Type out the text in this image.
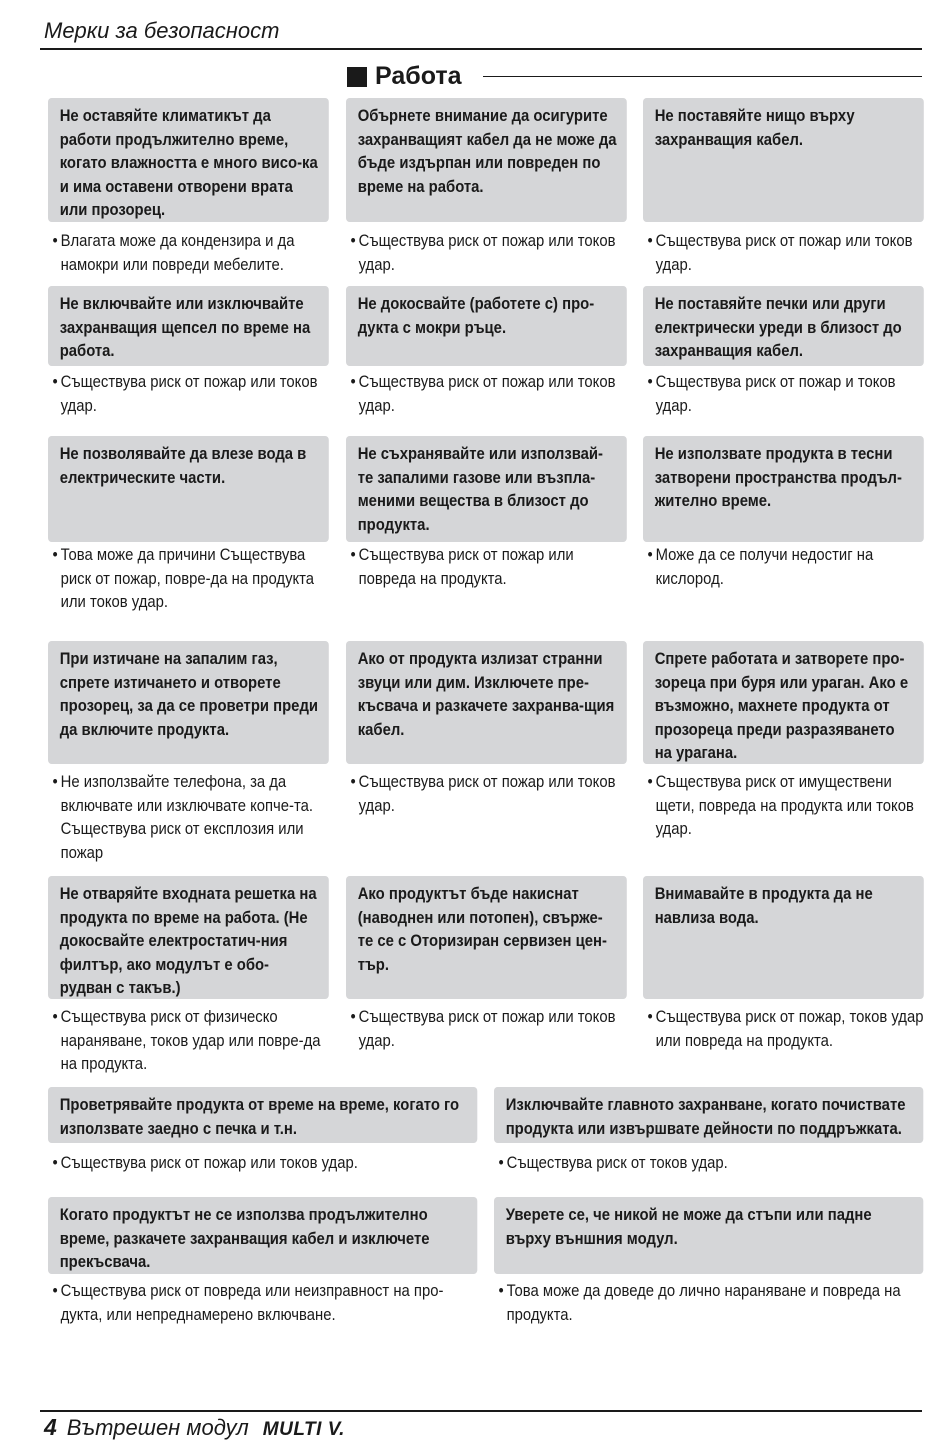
Мерки за безопасност
Работа
Не оставяйте климатикът да работи продължително време, когато влажността е много висо-ка и има оставени отворени врата или прозорец.
• Влагата може да кондензира и да намокри или повреди мебелите.
Обърнете внимание да осигурите захранващият кабел да не може да бъде издърпан или повреден по време на работа.
• Съществува риск от пожар или токов удар.
Не поставяйте нищо върху захранващия кабел.
• Съществува риск от пожар или токов удар.
Не включвайте или изключвайте захранващия щепсел по време на работа.
• Съществува риск от пожар или токов удар.
Не докосвайте (работете с) про-дукта с мокри ръце.
• Съществува риск от пожар или токов удар.
Не поставяйте печки или други електрически уреди в близост до захранващия кабел.
• Съществува риск от пожар и токов удар.
Не позволявайте да влезе вода в електрическите части.
• Това може да причини Съществува риск от пожар, повре-да на продукта или токов удар.
Не съхранявайте или използвай-те запалими газове или възпла-меними вещества в близост до продукта.
• Съществува риск от пожар или повреда на продукта.
Не използвате продукта в тесни затворени пространства продъл-жително време.
• Може да се получи недостиг на кислород.
При изтичане на запалим газ, спрете изтичането и отворете прозорец, за да се проветри преди да включите продукта.
• Не използвайте телефона, за да включвате или изключвате копче-та. Съществува риск от експлозия или пожар
Ако от продукта излизат странни звуци или дим. Изключете пре-късвача и разкачете захранва-щия кабел.
• Съществува риск от пожар или токов удар.
Спрете работата и затворете про-зореца при буря или ураган. Ако е възможно, махнете продукта от прозореца преди разразяването на урагана.
• Съществува риск от имуществени щети, повреда на продукта или токов удар.
Не отваряйте входната решетка на продукта по време на работа. (Не докосвайте електростатич-ния филтър, ако модулът е обо-рудван с такъв.)
• Съществува риск от физическо нараняване, токов удар или повре-да на продукта.
Ако продуктът бъде накиснат (наводнен или потопен), свърже-те се с Оторизиран сервизен цен-тър.
• Съществува риск от пожар или токов удар.
Внимавайте в продукта да не навлиза вода.
• Съществува риск от пожар, токов удар или повреда на продукта.
Проветрявайте продукта от време на време, когато го използвате заедно с печка и т.н.
• Съществува риск от пожар или токов удар.
Изключвайте главното захранване, когато почиствате продукта или извършвате дейности по поддръжката.
• Съществува риск от токов удар.
Когато продуктът не се използва продължително време, разкачете захранващия кабел и изключете прекъсвача.
• Съществува риск от повреда или неизправност на про-дукта, или непреднамерено включване.
Уверете се, че никой не може да стъпи или падне върху външния модул.
• Това може да доведе до лично нараняване и повреда на продукта.
4 Вътрешен модул MULTI V.
